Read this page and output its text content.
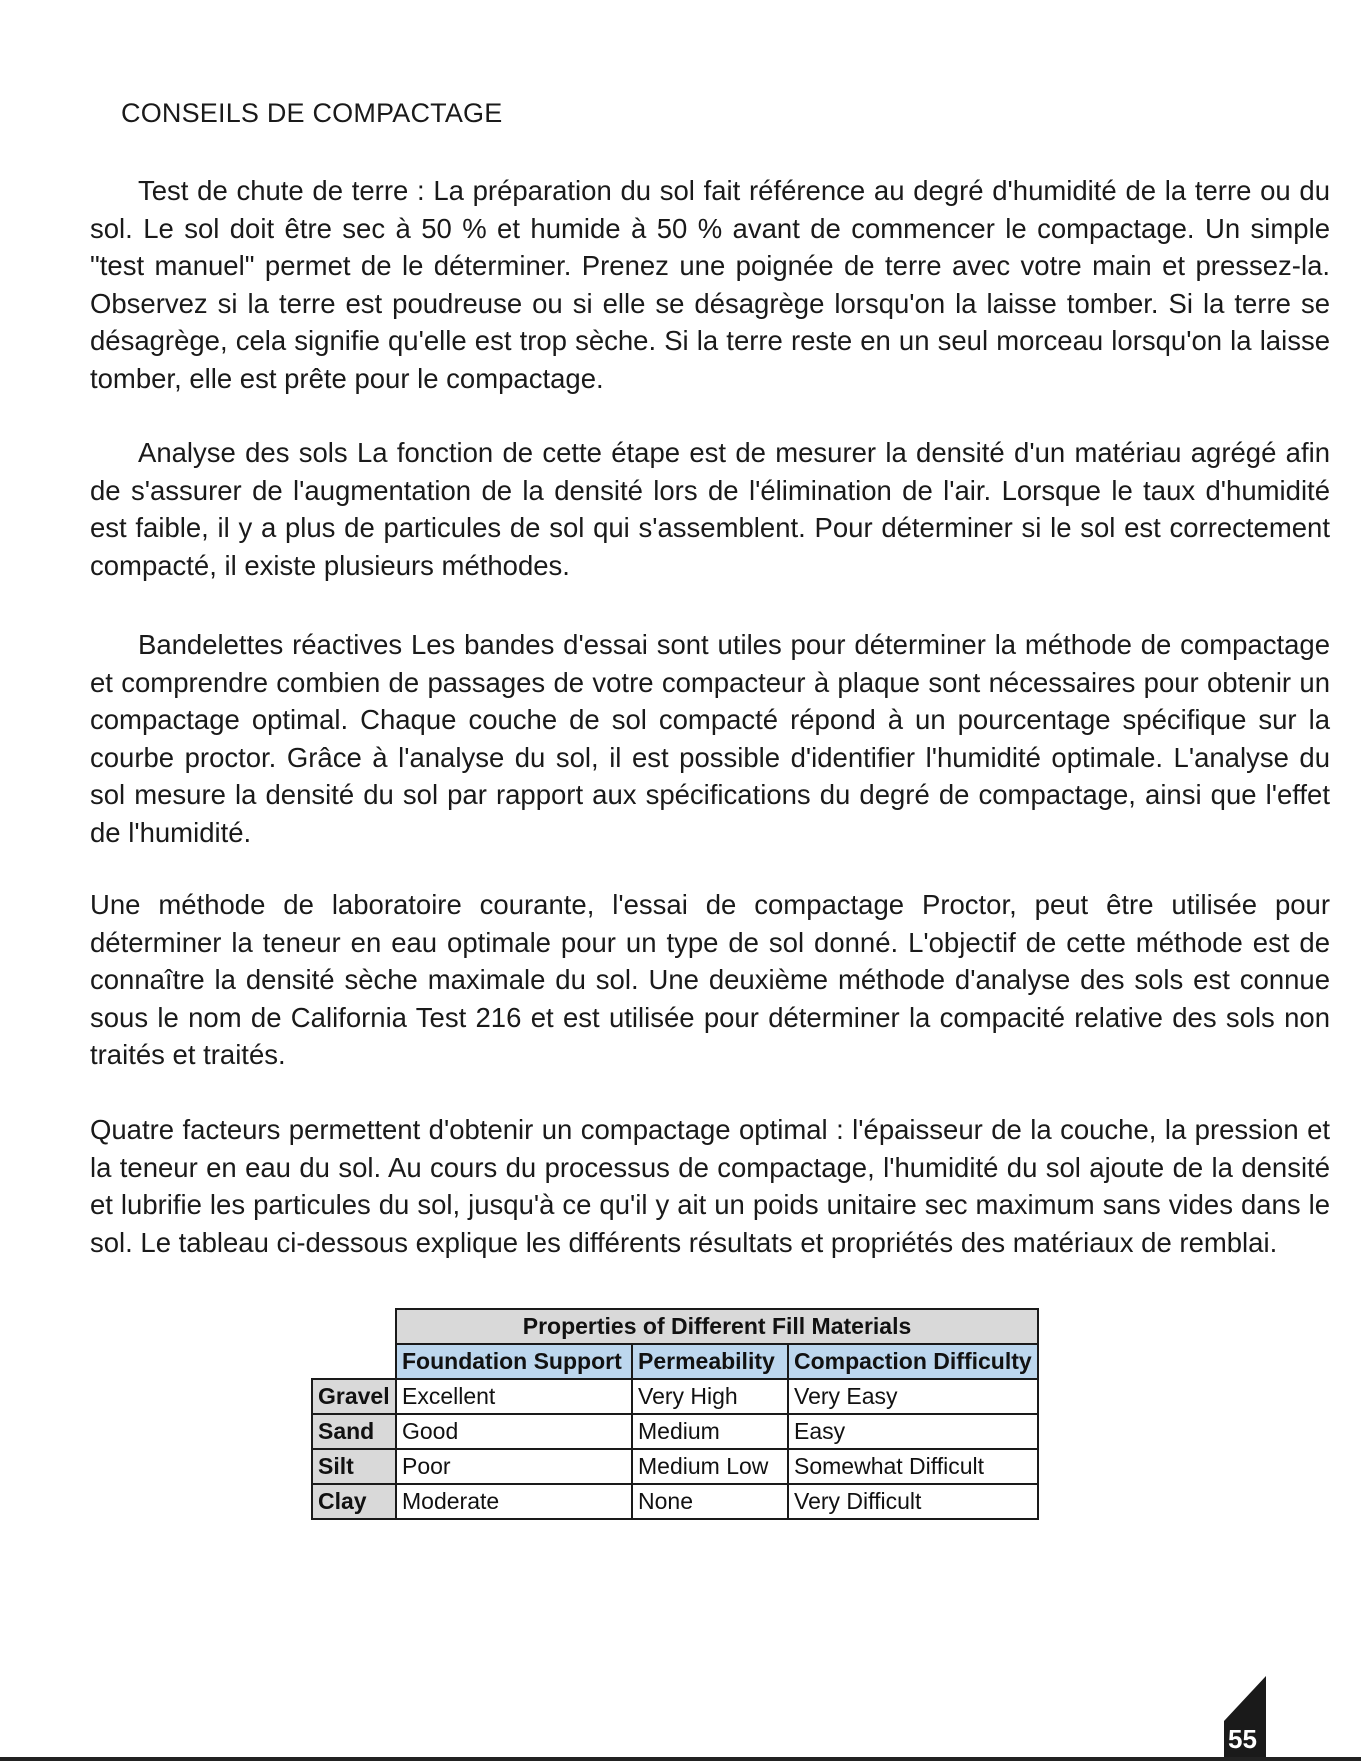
CONSEILS DE COMPACTAGE

Test de chute de terre : La préparation du sol fait référence au degré d'humidité de la terre ou du sol. Le sol doit être sec à 50 % et humide à 50 % avant de commencer le compactage. Un simple "test manuel" permet de le déterminer. Prenez une poignée de terre avec votre main et pressez-la. Observez si la terre est poudreuse ou si elle se désagrège lorsqu'on la laisse tomber. Si la terre se désagrège, cela signifie qu'elle est trop sèche. Si la terre reste en un seul morceau lorsqu'on la laisse tomber, elle est prête pour le compactage.

Analyse des sols La fonction de cette étape est de mesurer la densité d'un matériau agrégé afin de s'assurer de l'augmentation de la densité lors de l'élimination de l'air. Lorsque le taux d'humidité est faible, il y a plus de particules de sol qui s'assemblent. Pour déterminer si le sol est correctement compacté, il existe plusieurs méthodes.

Bandelettes réactives Les bandes d'essai sont utiles pour déterminer la méthode de compactage et comprendre combien de passages de votre compacteur à plaque sont nécessaires pour obtenir un compactage optimal. Chaque couche de sol compacté répond à un pourcentage spécifique sur la courbe proctor. Grâce à l'analyse du sol, il est possible d'identifier l'humidité optimale. L'analyse du sol mesure la densité du sol par rapport aux spécifications du degré de compactage, ainsi que l'effet de l'humidité.

Une méthode de laboratoire courante, l'essai de compactage Proctor, peut être utilisée pour déterminer la teneur en eau optimale pour un type de sol donné. L'objectif de cette méthode est de connaître la densité sèche maximale du sol. Une deuxième méthode d'analyse des sols est connue sous le nom de California Test 216 et est utilisée pour déterminer la compacité relative des sols non traités et traités.

Quatre facteurs permettent d'obtenir un compactage optimal : l'épaisseur de la couche, la pression et la teneur en eau du sol. Au cours du processus de compactage, l'humidité du sol ajoute de la densité et lubrifie les particules du sol, jusqu'à ce qu'il y ait un poids unitaire sec maximum sans vides dans le sol. Le tableau ci-dessous explique les différents résultats et propriétés des matériaux de remblai.

	Properties of Different Fill Materials		
	Foundation Support	Permeability	Compaction Difficulty
Gravel	Excellent	Very High	Very Easy
Sand	Good	Medium	Easy
Silt	Poor	Medium Low	Somewhat Difficult
Clay	Moderate	None	Very Difficult
55
